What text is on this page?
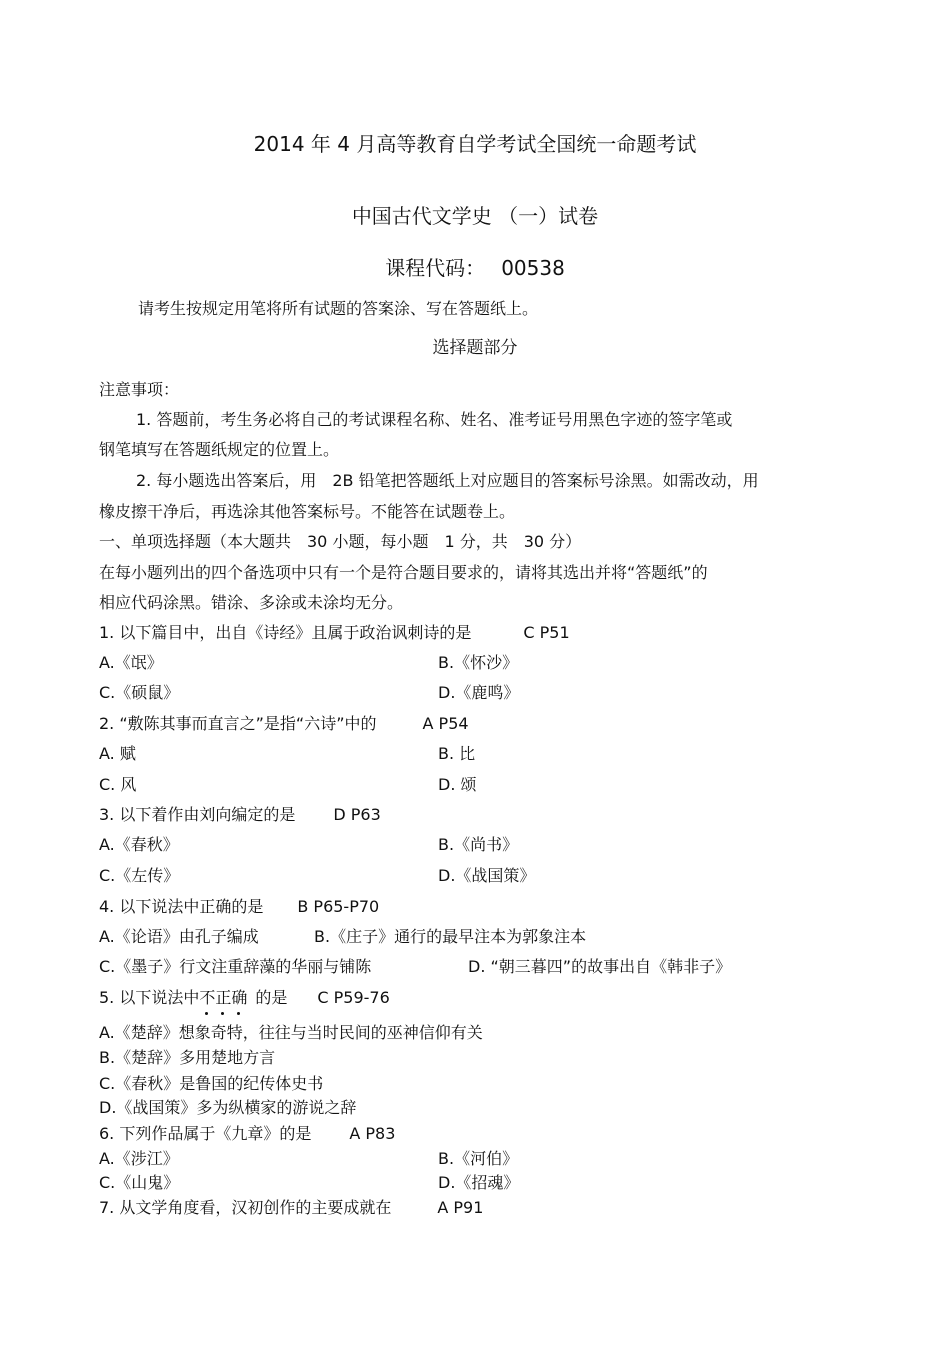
2014 年 4 月高等教育自学考试全国统一命题考试
中国古代文学史 （一）试卷
课程代码： 00538
请考生按规定用笔将所有试题的答案涂、写在答题纸上。
选择题部分
注意事项：
1. 答题前，考生务必将自己的考试课程名称、姓名、准考证号用黑色字迹的签字笔或
钢笔填写在答题纸规定的位置上。
2. 每小题选出答案后，用　2B 铅笔把答题纸上对应题目的答案标号涂黑。如需改动，用
橡皮擦干净后，再选涂其他答案标号。不能答在试题卷上。
一、单项选择题（本大题共　30 小题，每小题　1 分，共　30 分）
在每小题列出的四个备选项中只有一个是符合题目要求的，请将其选出并将“答题纸”的
相应代码涂黑。错涂、多涂或未涂均无分。
1. 以下篇目中，出自《诗经》且属于政治讽刺诗的是	C P51
A.《氓》	B.《怀沙》
C.《硕鼠》	D.《鹿鸣》
2. “敷陈其事而直言之”是指“六诗”中的	A P54
A. 赋	B. 比
C. 风	D. 颂
3. 以下着作由刘向编定的是 D P63
A.《春秋》	B.《尚书》
C.《左传》	D.《战国策》
4. 以下说法中正确的是 B P65-P70
A.《论语》由孔子编成	B.《庄子》通行的最早注本为郭象注本
C.《墨子》行文注重辞藻的华丽与铺陈	D. “朝三暮四”的故事出自《韩非子》
5. 以下说法中不正确 的是 C P59-76
A.《楚辞》想象奇特，往往与当时民间的巫神信仰有关
B.《楚辞》多用楚地方言
C.《春秋》是鲁国的纪传体史书
D.《战国策》多为纵横家的游说之辞
6. 下列作品属于《九章》的是 A P83
A.《涉江》	B.《河伯》
C.《山鬼》	D.《招魂》
7. 从文学角度看，汉初创作的主要成就在	A P91
